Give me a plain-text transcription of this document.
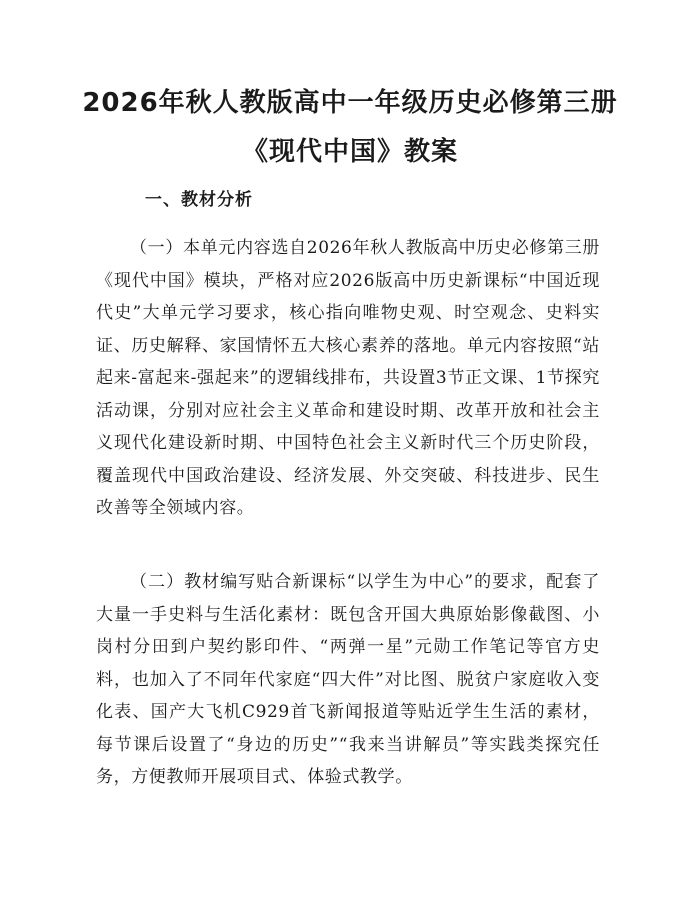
2026年秋人教版高中一年级历史必修第三册
《现代中国》教案
一、教材分析

（一）本单元内容选自2026年秋人教版高中历史必修第三册《现代中国》模块，严格对应2026版高中历史新课标“中国近现代史”大单元学习要求，核心指向唯物史观、时空观念、史料实证、历史解释、家国情怀五大核心素养的落地。单元内容按照“站起来-富起来-强起来”的逻辑线排布，共设置3节正文课、1节探究活动课，分别对应社会主义革命和建设时期、改革开放和社会主义现代化建设新时期、中国特色社会主义新时代三个历史阶段，覆盖现代中国政治建设、经济发展、外交突破、科技进步、民生改善等全领域内容。

（二）教材编写贴合新课标“以学生为中心”的要求，配套了大量一手史料与生活化素材：既包含开国大典原始影像截图、小岗村分田到户契约影印件、“两弹一星”元勋工作笔记等官方史料，也加入了不同年代家庭“四大件”对比图、脱贫户家庭收入变化表、国产大飞机C929首飞新闻报道等贴近学生生活的素材，每节课后设置了“身边的历史”“我来当讲解员”等实践类探究任务，方便教师开展项目式、体验式教学。
